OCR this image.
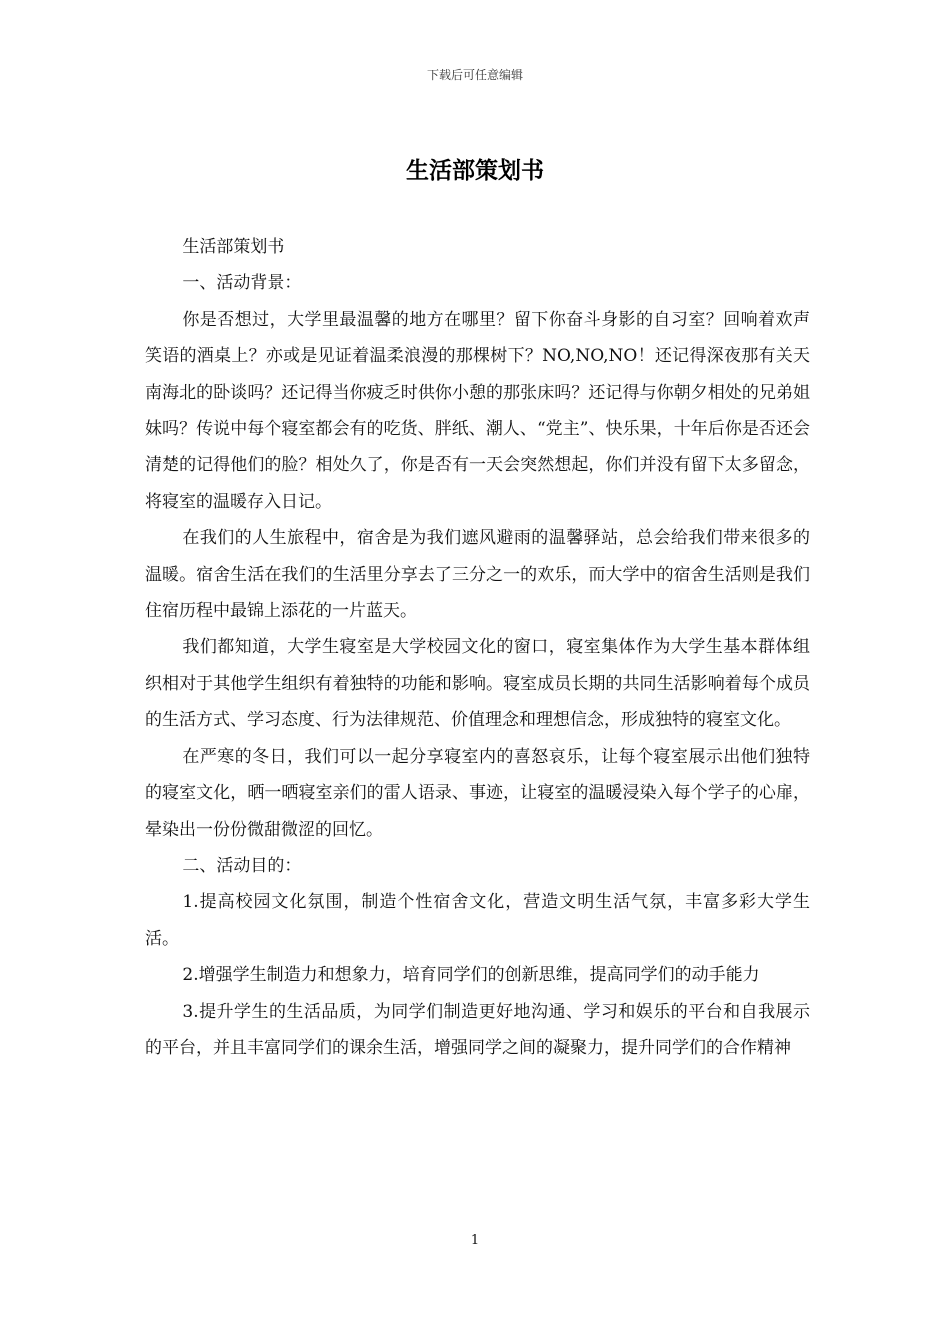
下载后可任意编辑
生活部策划书

生活部策划书

一、活动背景：

你是否想过，大学里最温馨的地方在哪里？留下你奋斗身影的自习室？回响着欢声笑语的酒桌上？亦或是见证着温柔浪漫的那棵树下？NO,NO,NO！还记得深夜那有关天南海北的卧谈吗？还记得当你疲乏时供你小憩的那张床吗？还记得与你朝夕相处的兄弟姐妹吗？传说中每个寝室都会有的吃货、胖纸、潮人、“党主”、快乐果，十年后你是否还会清楚的记得他们的脸？相处久了，你是否有一天会突然想起，你们并没有留下太多留念，将寝室的温暖存入日记。

在我们的人生旅程中，宿舍是为我们遮风避雨的温馨驿站，总会给我们带来很多的温暖。宿舍生活在我们的生活里分享去了三分之一的欢乐，而大学中的宿舍生活则是我们住宿历程中最锦上添花的一片蓝天。

我们都知道，大学生寝室是大学校园文化的窗口，寝室集体作为大学生基本群体组织相对于其他学生组织有着独特的功能和影响。寝室成员长期的共同生活影响着每个成员的生活方式、学习态度、行为法律规范、价值理念和理想信念，形成独特的寝室文化。

在严寒的冬日，我们可以一起分享寝室内的喜怒哀乐，让每个寝室展示出他们独特的寝室文化，晒一晒寝室亲们的雷人语录、事迹，让寝室的温暖浸染入每个学子的心扉，晕染出一份份微甜微涩的回忆。

二、活动目的：

1.提高校园文化氛围，制造个性宿舍文化，营造文明生活气氛，丰富多彩大学生活。

2.增强学生制造力和想象力，培育同学们的创新思维，提高同学们的动手能力

3.提升学生的生活品质，为同学们制造更好地沟通、学习和娱乐的平台和自我展示的平台，并且丰富同学们的课余生活，增强同学之间的凝聚力，提升同学们的合作精神

1
